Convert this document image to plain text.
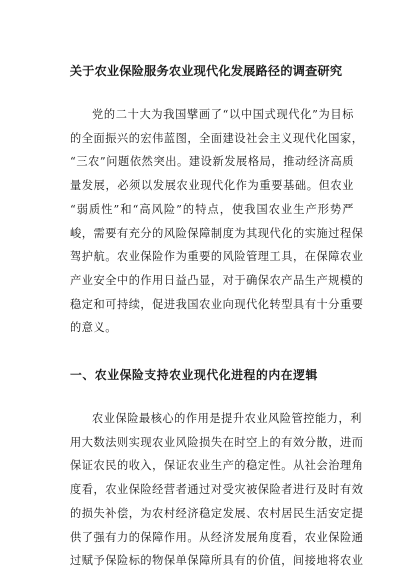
关于农业保险服务农业现代化发展路径的调查研究

党的二十大为我国擘画了“以中国式现代化”为目标

的全面振兴的宏伟蓝图，全面建设社会主义现代化国家，

“三农”问题依然突出。建设新发展格局，推动经济高质

量发展，必须以发展农业现代化作为重要基础。但农业

“弱质性”和“高风险”的特点，使我国农业生产形势严

峻，需要有充分的风险保障制度为其现代化的实施过程保

驾护航。农业保险作为重要的风险管理工具，在保障农业

产业安全中的作用日益凸显，对于确保农产品生产规模的

稳定和可持续，促进我国农业向现代化转型具有十分重要

的意义。

一、农业保险支持农业现代化进程的内在逻辑

农业保险最核心的作用是提升农业风险管控能力，利

用大数法则实现农业风险损失在时空上的有效分散，进而

保证农民的收入，保证农业生产的稳定性。从社会治理角

度看，农业保险经营者通过对受灾被保险者进行及时有效

的损失补偿，为农村经济稳定发展、农村居民生活安定提

供了强有力的保障作用。从经济发展角度看，农业保险通

过赋予保险标的物保单保障所具有的价值，间接地将农业
